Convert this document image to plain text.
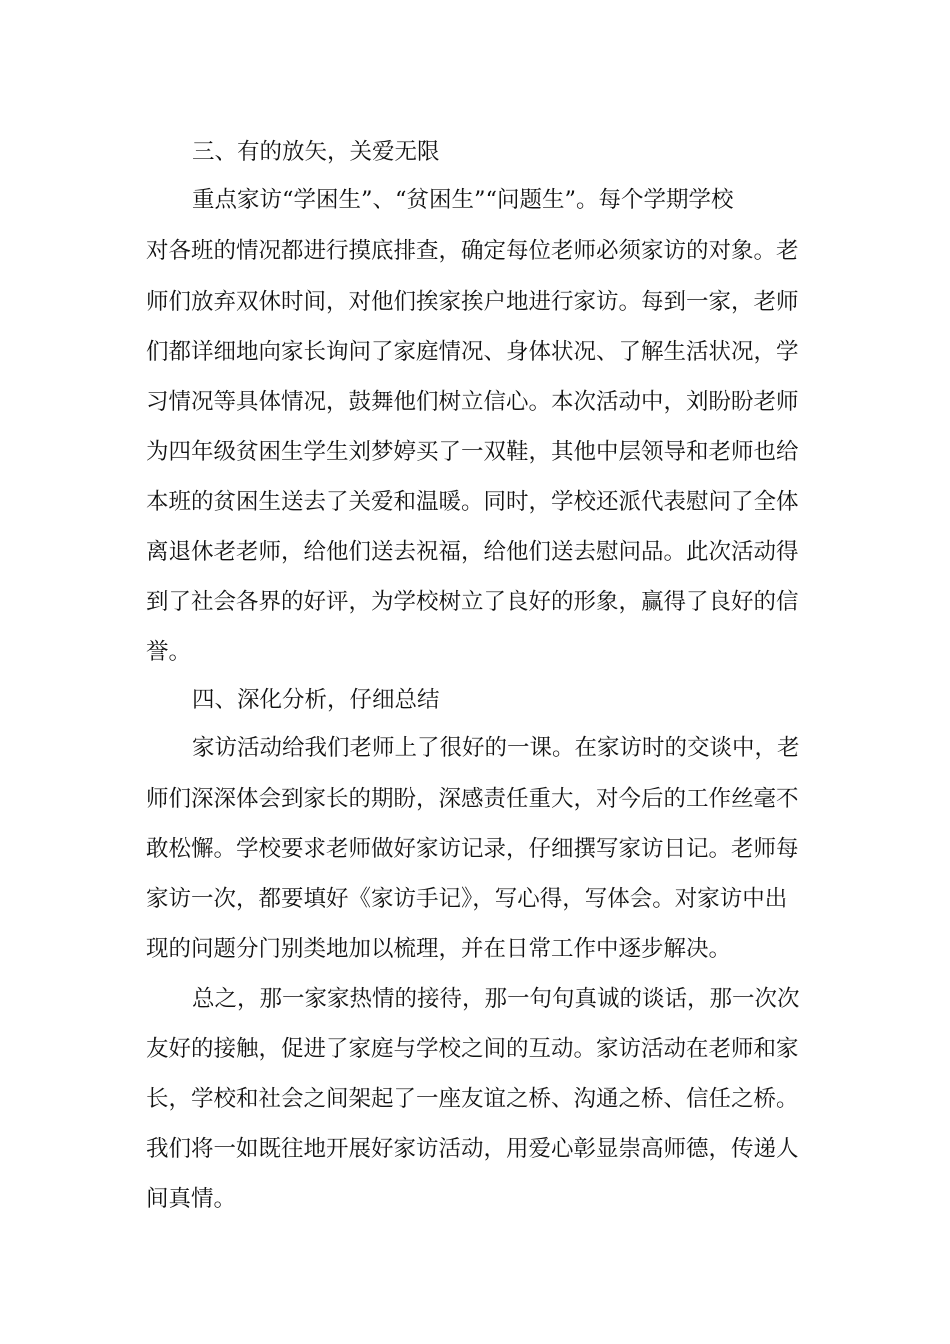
三、有的放矢，关爱无限
重点家访“学困生”、“贫困生”“问题生”。每个学期学校
对各班的情况都进行摸底排查，确定每位老师必须家访的对象。老
师们放弃双休时间，对他们挨家挨户地进行家访。每到一家，老师
们都详细地向家长询问了家庭情况、身体状况、了解生活状况，学
习情况等具体情况，鼓舞他们树立信心。本次活动中，刘盼盼老师
为四年级贫困生学生刘梦婷买了一双鞋，其他中层领导和老师也给
本班的贫困生送去了关爱和温暖。同时，学校还派代表慰问了全体
离退休老老师，给他们送去祝福，给他们送去慰问品。此次活动得
到了社会各界的好评，为学校树立了良好的形象，赢得了良好的信
誉。
四、深化分析，仔细总结
家访活动给我们老师上了很好的一课。在家访时的交谈中，老
师们深深体会到家长的期盼，深感责任重大，对今后的工作丝毫不
敢松懈。学校要求老师做好家访记录，仔细撰写家访日记。老师每
家访一次，都要填好《家访手记》，写心得，写体会。对家访中出
现的问题分门别类地加以梳理，并在日常工作中逐步解决。
总之，那一家家热情的接待，那一句句真诚的谈话，那一次次
友好的接触，促进了家庭与学校之间的互动。家访活动在老师和家
长，学校和社会之间架起了一座友谊之桥、沟通之桥、信任之桥。
我们将一如既往地开展好家访活动，用爱心彰显崇高师德，传递人
间真情。
